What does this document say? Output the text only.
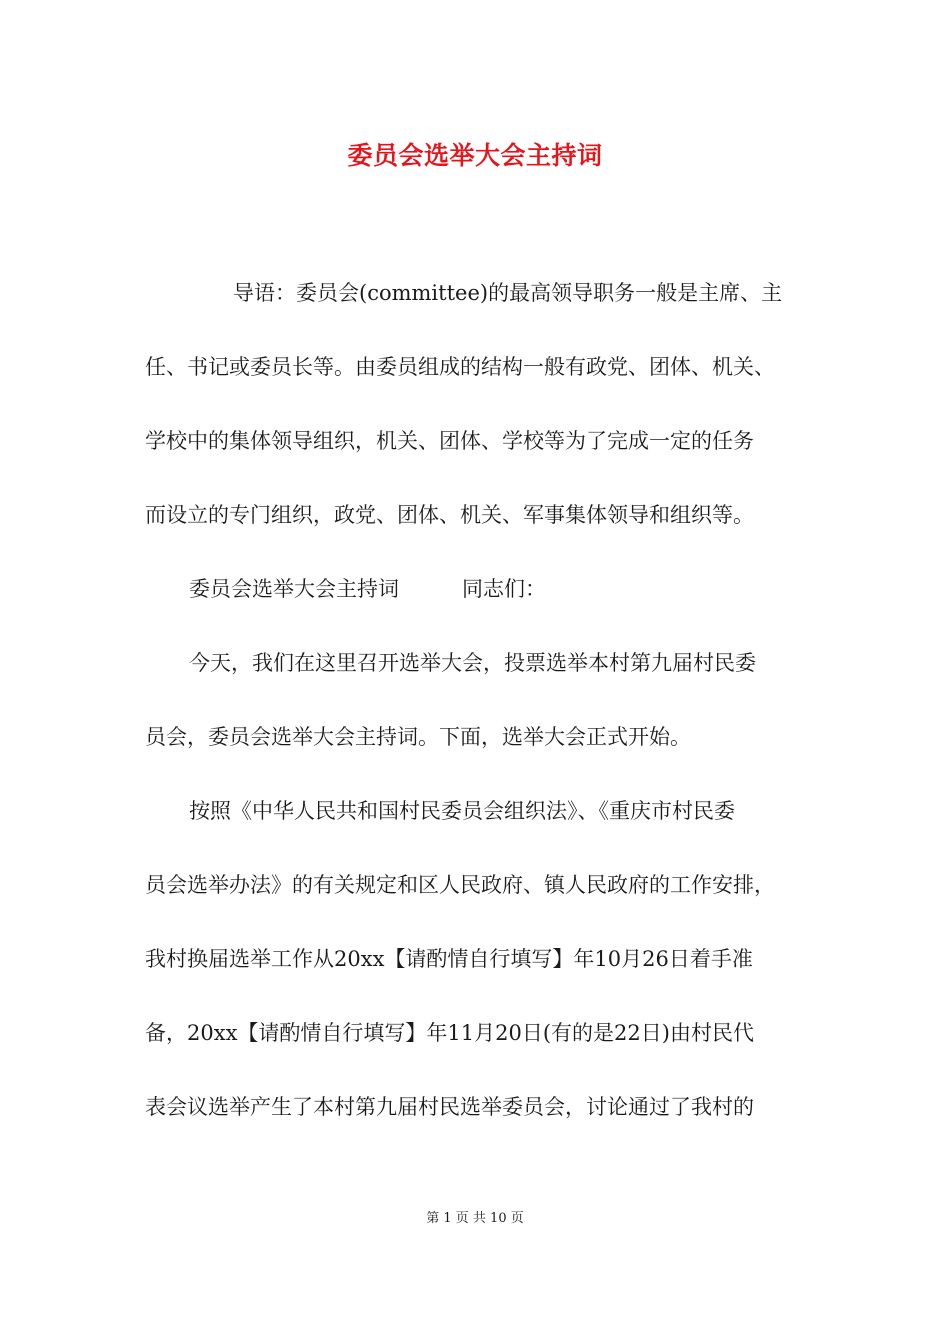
委员会选举大会主持词
导语：委员会(committee)的最高领导职务一般是主席、主
任、书记或委员长等。由委员组成的结构一般有政党、团体、机关、
学校中的集体领导组织，机关、团体、学校等为了完成一定的任务
而设立的专门组织，政党、团体、机关、军事集体领导和组织等。
委员会选举大会主持词　　　同志们：
今天，我们在这里召开选举大会，投票选举本村第九届村民委
员会，委员会选举大会主持词。下面，选举大会正式开始。
按照《中华人民共和国村民委员会组织法》、《重庆市村民委
员会选举办法》的有关规定和区人民政府、镇人民政府的工作安排，
我村换届选举工作从20xx【请酌情自行填写】年10月26日着手准
备，20xx【请酌情自行填写】年11月20日(有的是22日)由村民代
表会议选举产生了本村第九届村民选举委员会，讨论通过了我村的
第 1 页 共 10 页
